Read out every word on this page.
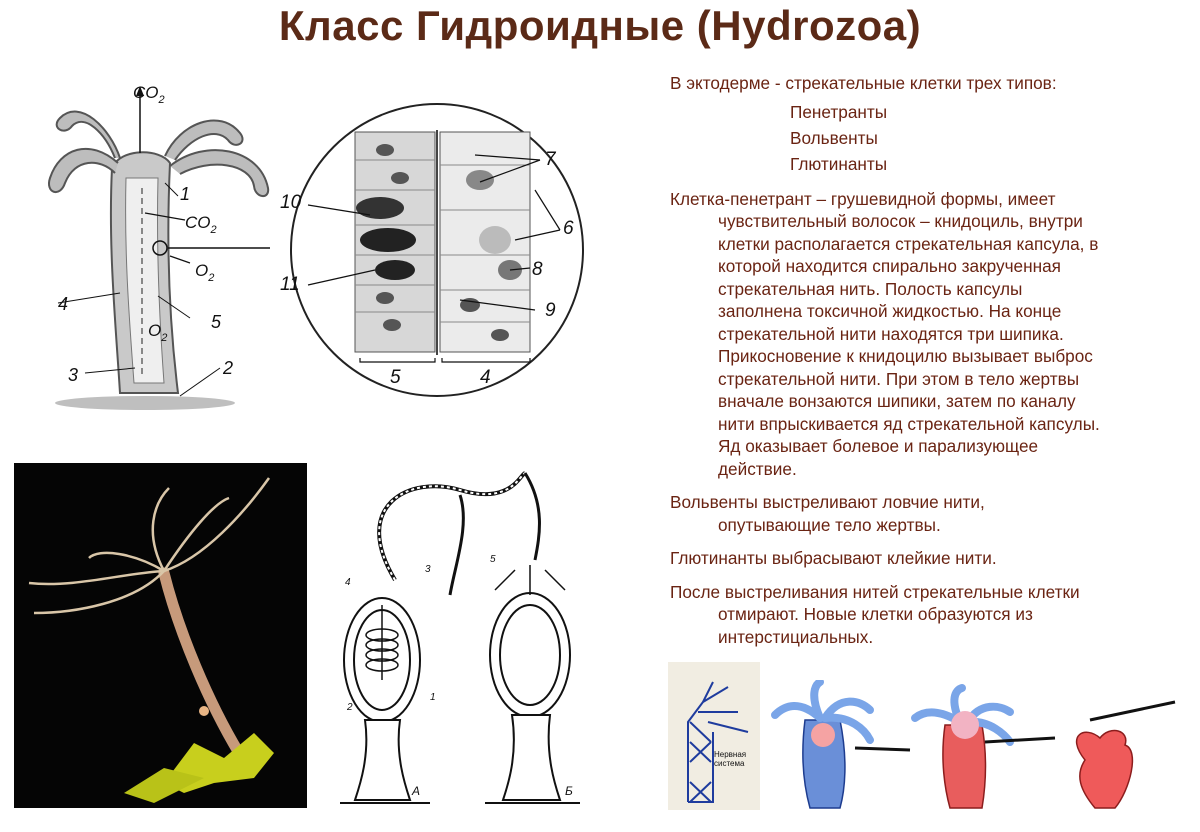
Класс Гидроидные (Hydrozoa)
$CO_2$
$CO_2$
$O_2$
$O_2$
1
2
3
4
5
10
11
7
6
8
9
5	4
А	Б
1
2
3
4
5
В эктодерме - стрекательные клетки трех типов:
Пенетранты
Вольвенты
Глютинанты
Клетка-пенетрант – грушевидной формы, имеет
чувствительный волосок – книдоциль, внутри
клетки располагается стрекательная капсула, в
которой находится спирально закрученная
стрекательная нить. Полость капсулы
заполнена токсичной жидкостью. На конце
стрекательной нити находятся три шипика.
Прикосновение к книдоцилю вызывает выброс
стрекательной нити. При этом в тело жертвы
вначале вонзаются шипики, затем по каналу
нити впрыскивается яд стрекательной капсулы.
Яд оказывает болевое и парализующее
действие.
Вольвенты выстреливают ловчие нити,
опутывающие тело жертвы.
Глютинанты выбрасывают клейкие нити.
После выстреливания нитей стрекательные клетки
отмирают. Новые клетки образуются из
интерстициальных.
Нервная
система
